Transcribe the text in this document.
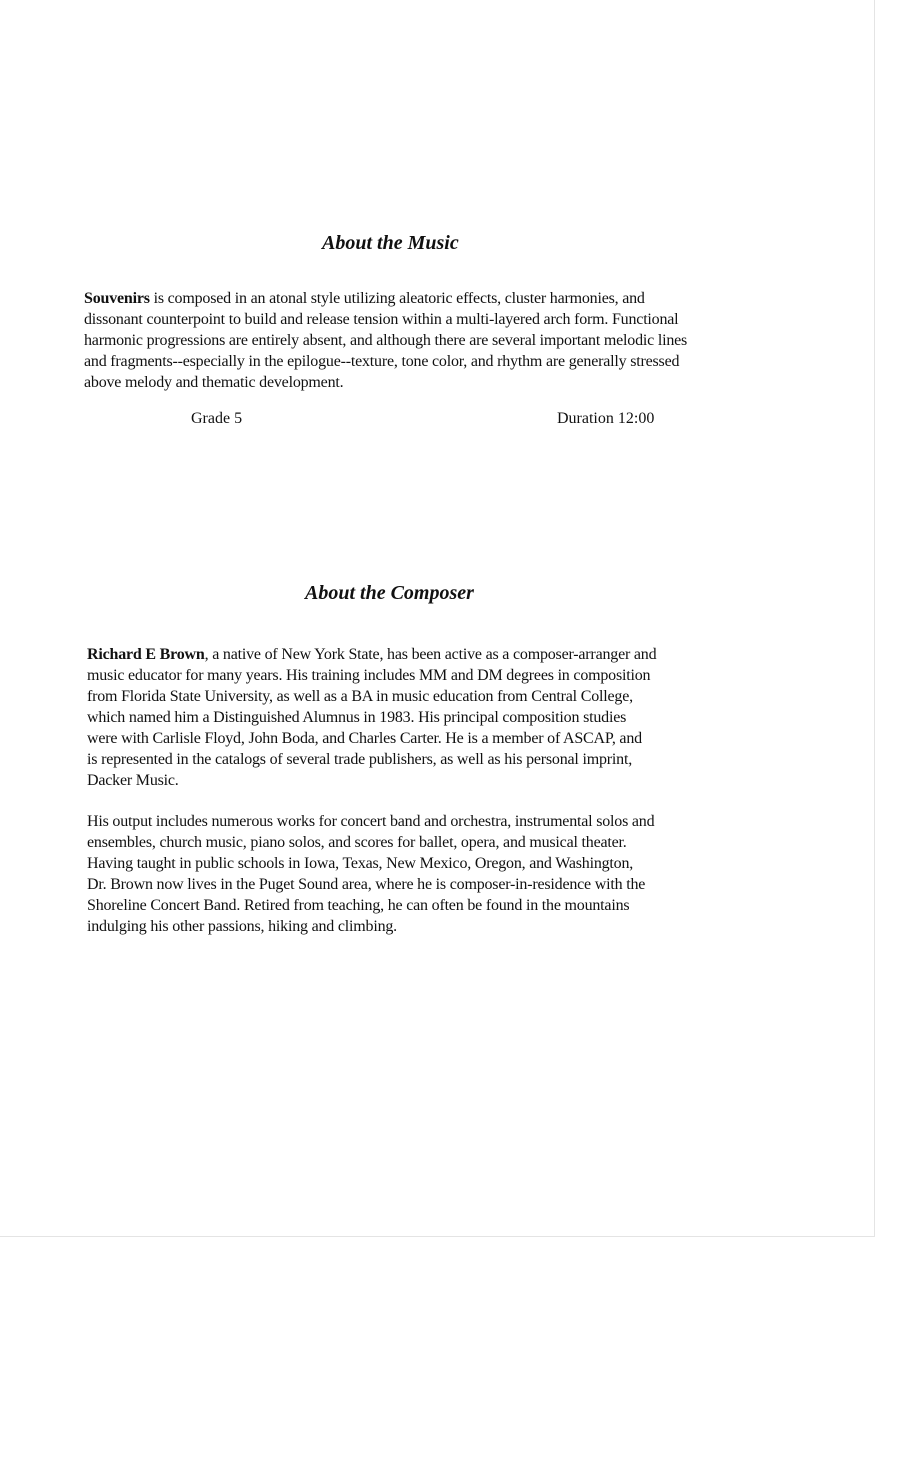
About the Music
Souvenirs is composed in an atonal style utilizing aleatoric effects, cluster harmonies, and
dissonant counterpoint to build and release tension within a multi-layered arch form. Functional
harmonic progressions are entirely absent, and although there are several important melodic lines
and fragments--especially in the epilogue--texture, tone color, and rhythm are generally stressed
above melody and thematic development.
Grade 5	Duration 12:00
About the Composer
Richard E Brown, a native of New York State, has been active as a composer-arranger and
music educator for many years. His training includes MM and DM degrees in composition
from Florida State University, as well as a BA in music education from Central College,
which named him a Distinguished Alumnus in 1983. His principal composition studies
were with Carlisle Floyd, John Boda, and Charles Carter. He is a member of ASCAP, and
is represented in the catalogs of several trade publishers, as well as his personal imprint,
Dacker Music.
His output includes numerous works for concert band and orchestra, instrumental solos and
ensembles, church music, piano solos, and scores for ballet, opera, and musical theater.
Having taught in public schools in Iowa, Texas, New Mexico, Oregon, and Washington,
Dr. Brown now lives in the Puget Sound area, where he is composer-in-residence with the
Shoreline Concert Band. Retired from teaching, he can often be found in the mountains
indulging his other passions, hiking and climbing.
